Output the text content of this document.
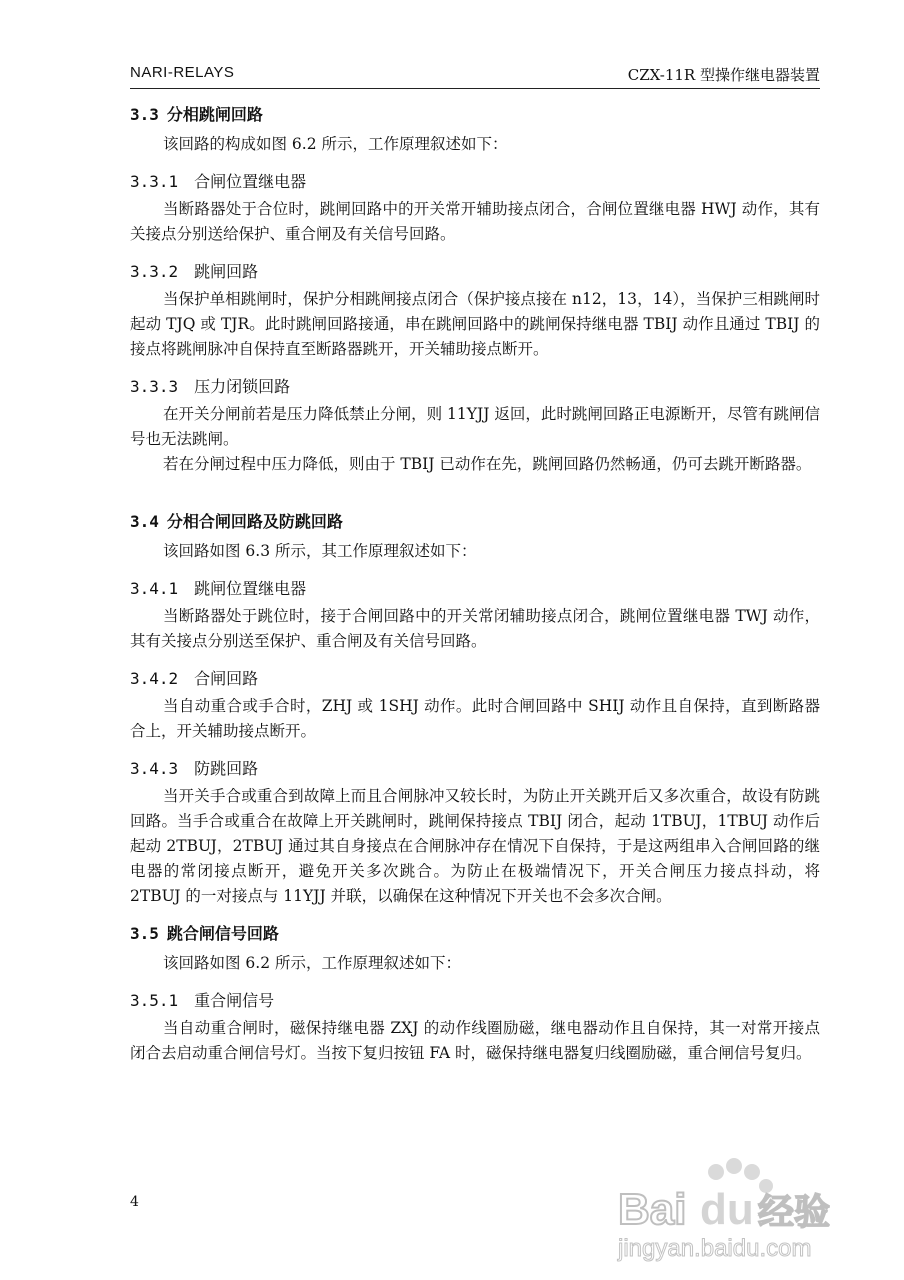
NARI-RELAYS	CZX-11R 型操作继电器装置
3.3 分相跳闸回路

该回路的构成如图 6.2 所示，工作原理叙述如下：

3.3.1 合闸位置继电器

当断路器处于合位时，跳闸回路中的开关常开辅助接点闭合，合闸位置继电器 HWJ 动作，其有关接点分别送给保护、重合闸及有关信号回路。

3.3.2 跳闸回路

当保护单相跳闸时，保护分相跳闸接点闭合（保护接点接在 n12，13，14），当保护三相跳闸时起动 TJQ 或 TJR。此时跳闸回路接通，串在跳闸回路中的跳闸保持继电器 TBIJ 动作且通过 TBIJ 的接点将跳闸脉冲自保持直至断路器跳开，开关辅助接点断开。

3.3.3 压力闭锁回路

在开关分闸前若是压力降低禁止分闸，则 11YJJ 返回，此时跳闸回路正电源断开，尽管有跳闸信号也无法跳闸。

若在分闸过程中压力降低，则由于 TBIJ 已动作在先，跳闸回路仍然畅通，仍可去跳开断路器。

3.4 分相合闸回路及防跳回路

该回路如图 6.3 所示，其工作原理叙述如下：

3.4.1 跳闸位置继电器

当断路器处于跳位时，接于合闸回路中的开关常闭辅助接点闭合，跳闸位置继电器 TWJ 动作，其有关接点分别送至保护、重合闸及有关信号回路。

3.4.2 合闸回路

当自动重合或手合时，ZHJ 或 1SHJ 动作。此时合闸回路中 SHIJ 动作且自保持，直到断路器合上，开关辅助接点断开。

3.4.3 防跳回路

当开关手合或重合到故障上而且合闸脉冲又较长时，为防止开关跳开后又多次重合，故设有防跳回路。当手合或重合在故障上开关跳闸时，跳闸保持接点 TBIJ 闭合，起动 1TBUJ，1TBUJ 动作后起动 2TBUJ，2TBUJ 通过其自身接点在合闸脉冲存在情况下自保持，于是这两组串入合闸回路的继电器的常闭接点断开，避免开关多次跳合。为防止在极端情况下，开关合闸压力接点抖动，将 2TBUJ 的一对接点与 11YJJ 并联，以确保在这种情况下开关也不会多次合闸。

3.5 跳合闸信号回路

该回路如图 6.2 所示，工作原理叙述如下：

3.5.1 重合闸信号

当自动重合闸时，磁保持继电器 ZXJ 的动作线圈励磁，继电器动作且自保持，其一对常开接点闭合去启动重合闸信号灯。当按下复归按钮 FA 时，磁保持继电器复归线圈励磁，重合闸信号复归。

4	Bai du 经验
jingyan.baidu.com
